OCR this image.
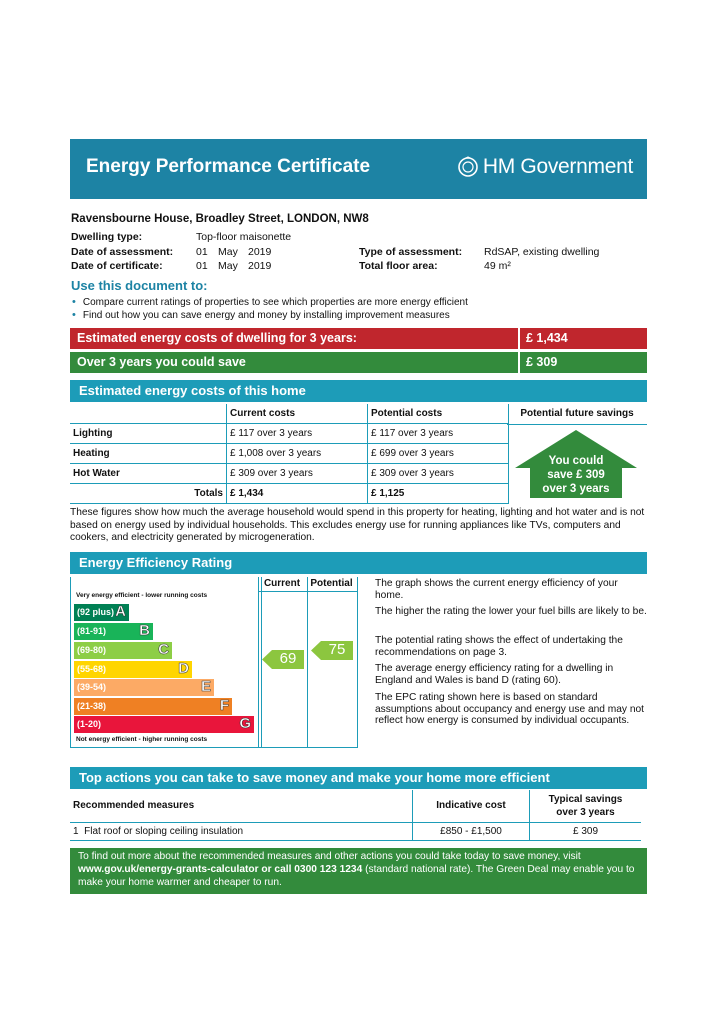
Energy Performance Certificate	HM Government
Ravensbourne House, Broadley Street, LONDON, NW8
Dwelling type:	Top-floor maisonette
Date of assessment: 01 May 2019
Date of certificate:	01 May 2019
Type of assessment: RdSAP, existing dwelling
Total floor area:	49 m²
Use this document to:
• Compare current ratings of properties to see which properties are more energy efficient
• Find out how you can save energy and money by installing improvement measures
Estimated energy costs of dwelling for 3 years:	£ 1,434
Over 3 years you could save	£ 309
Estimated energy costs of this home
	Current costs	Potential costs
Lighting	£ 117 over 3 years	£ 117 over 3 years
Heating	£ 1,008 over 3 years	£ 699 over 3 years
Hot Water	£ 309 over 3 years	£ 309 over 3 years
Totals	£ 1,434	£ 1,125
Potential future savings
You could
save £ 309
over 3 years
These figures show how much the average household would spend in this property for heating, lighting and hot water and is not based on energy used by individual households. This excludes energy use for running appliances like TVs, computers and cookers, and electricity generated by microgeneration.
Energy Efficiency Rating
Very energy efficient - lower running costs
(92 plus) A
(81-91) B
(69-80)	C
(55-68)	D
(39-54)	E
(21-38)	F
(1-20)	G
Not energy efficient - higher running costs
Current	Potential
69
75
The graph shows the current energy efficiency of your home.
The higher the rating the lower your fuel bills are likely to be.
The potential rating shows the effect of undertaking the recommendations on page 3.
The average energy efficiency rating for a dwelling in England and Wales is band D (rating 60).
The EPC rating shown here is based on standard assumptions about occupancy and energy use and may not reflect how energy is consumed by individual occupants.
Top actions you can take to save money and make your home more efficient
Recommended measures	Indicative cost	Typical savings
over 3 years

1 Flat roof or sloping ceiling insulation	£850 - £1,500	£ 309
To find out more about the recommended measures and other actions you could take today to save money, visit
www.gov.uk/energy-grants-calculator or call 0300 123 1234 (standard national rate). The Green Deal may enable you to
make your home warmer and cheaper to run.
